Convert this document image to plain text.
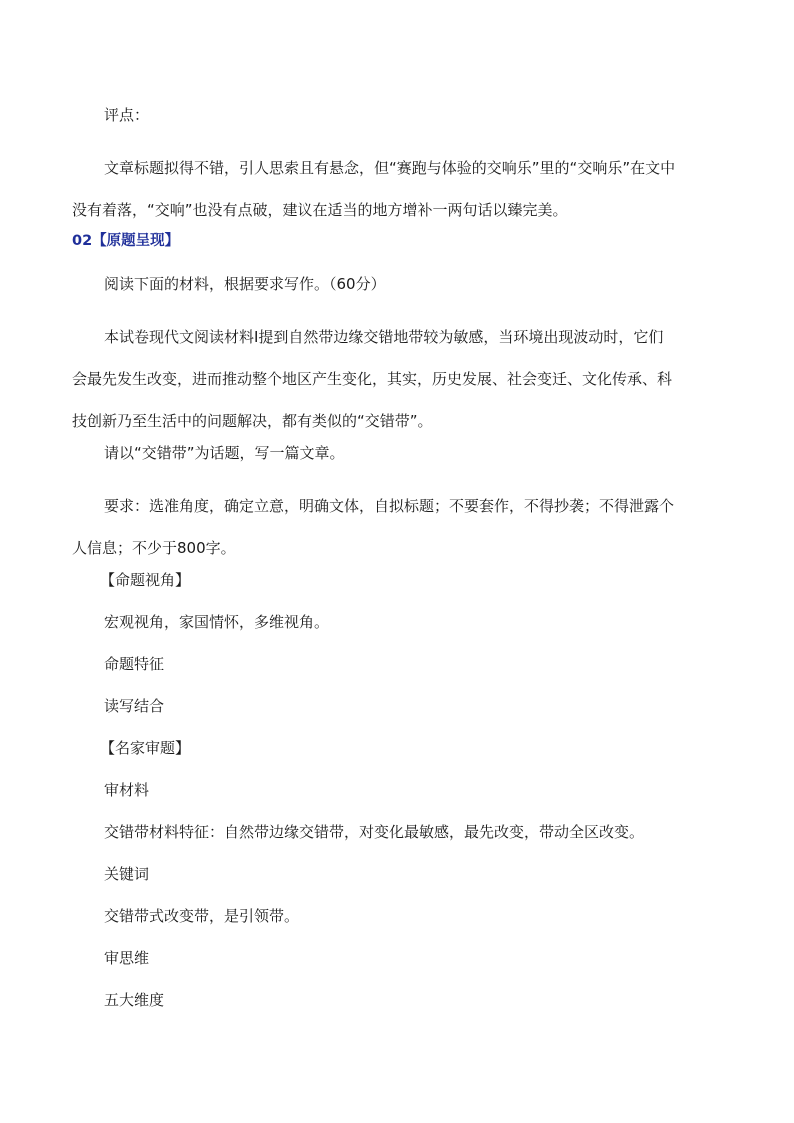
评点：

文章标题拟得不错，引人思索且有悬念，但“赛跑与体验的交响乐”里的“交响乐”在文中
没有着落，“交响”也没有点破，建议在适当的地方增补一两句话以臻完美。

02【原题呈现】

阅读下面的材料，根据要求写作。（60分）

本试卷现代文阅读材料Ⅰ提到自然带边缘交错地带较为敏感，当环境出现波动时，它们
会最先发生改变，进而推动整个地区产生变化，其实，历史发展、社会变迁、文化传承、科
技创新乃至生活中的问题解决，都有类似的“交错带”。

请以“交错带”为话题，写一篇文章。

要求：选准角度，确定立意，明确文体，自拟标题；不要套作，不得抄袭；不得泄露个
人信息；不少于800字。

【命题视角】

宏观视角，家国情怀，多维视角。

命题特征

读写结合

【名家审题】

审材料

交错带材料特征：自然带边缘交错带，对变化最敏感，最先改变，带动全区改变。

关键词

交错带式改变带，是引领带。

审思维

五大维度
